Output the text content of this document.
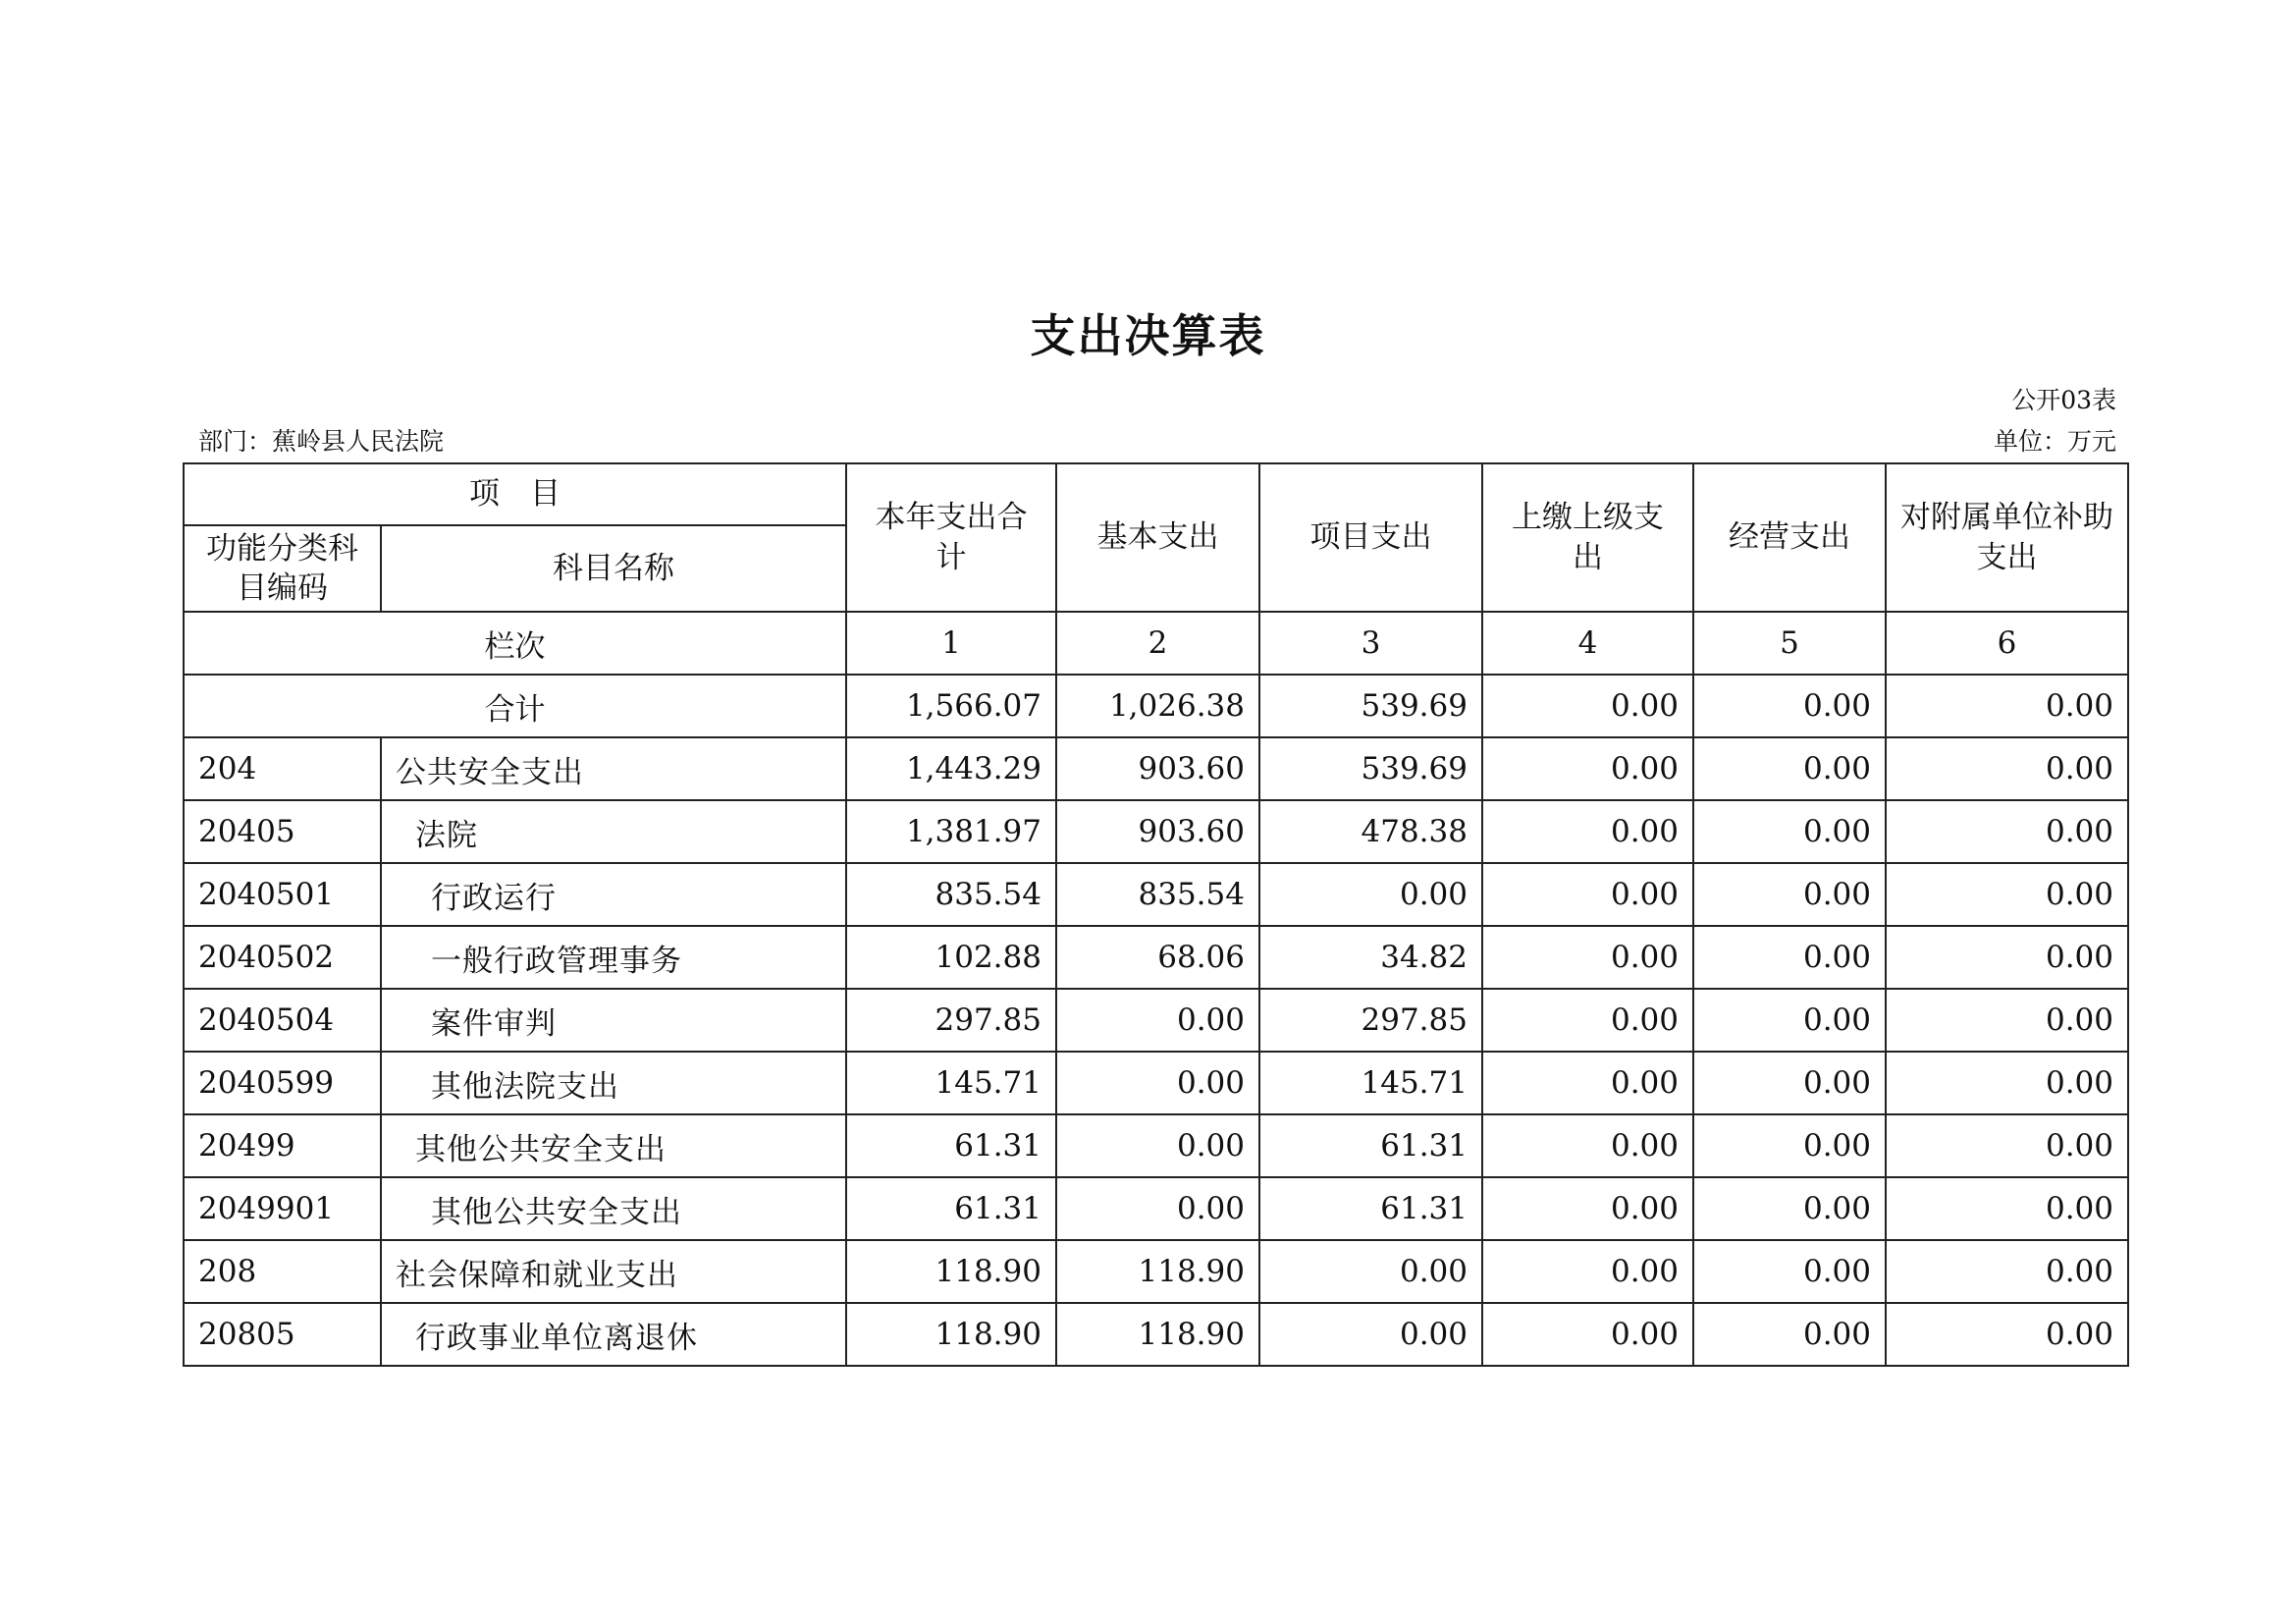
支出决算表
公开03表
部门：蕉岭县人民法院	单位：万元
项　目		本年支出合计	基本支出	项目支出	上缴上级支出	经营支出	对附属单位补助支出
功能分类科目编码	科目名称						
栏次		1	2	3	4	5	6
合计		1,566.07	1,026.38	539.69	0.00	0.00	0.00
204	公共安全支出	1,443.29	903.60	539.69	0.00	0.00	0.00
20405	法院	1,381.97	903.60	478.38	0.00	0.00	0.00
2040501	行政运行	835.54	835.54	0.00	0.00	0.00	0.00
2040502	一般行政管理事务	102.88	68.06	34.82	0.00	0.00	0.00
2040504	案件审判	297.85	0.00	297.85	0.00	0.00	0.00
2040599	其他法院支出	145.71	0.00	145.71	0.00	0.00	0.00
20499	其他公共安全支出	61.31	0.00	61.31	0.00	0.00	0.00
2049901	其他公共安全支出	61.31	0.00	61.31	0.00	0.00	0.00
208	社会保障和就业支出	118.90	118.90	0.00	0.00	0.00	0.00
20805	行政事业单位离退休	118.90	118.90	0.00	0.00	0.00	0.00
